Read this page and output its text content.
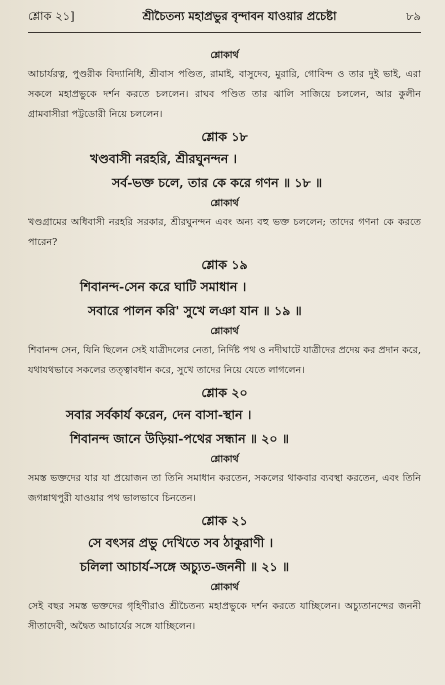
শ্লোক ২১]	শ্রীচৈতন্য মহাপ্রভুর বৃন্দাবন যাওয়ার প্রচেষ্টা	৮৯
শ্লোকার্থ

আচার্যরত্ন, পুণ্ডরীক বিদ্যানিধি, শ্রীবাস পণ্ডিত, রামাই, বাসুদেব, মুরারি, গোবিন্দ ও তার দুই ভাই, এরা সকলে মহাপ্রভুকে দর্শন করতে চললেন। রাঘব পণ্ডিত তার ঝালি সাজিয়ে চললেন, আর কুলীন গ্রামবাসীরা পট্টডোরী নিয়ে চললেন।

শ্লোক ১৮
খণ্ডবাসী নরহরি, শ্রীরঘুনন্দন ।
সর্ব-ভক্ত চলে, তার কে করে গণন ॥ ১৮ ॥
শ্লোকার্থ

খণ্ডগ্রামের অধিবাসী নরহরি সরকার, শ্রীরঘুনন্দন এবং অন্য বহু ভক্ত চললেন; তাদের গণনা কে করতে পারেন?

শ্লোক ১৯
শিবানন্দ-সেন করে ঘাটি সমাধান ।
সবারে পালন করি' সুখে লঞা যান ॥ ১৯ ॥
শ্লোকার্থ

শিবানন্দ সেন, যিনি ছিলেন সেই যাত্রীদলের নেতা, নির্দিষ্ট পথ ও নদীঘাটে যাত্রীদের প্রদেয় কর প্রদান করে, যথাযথভাবে সকলের তত্ত্বাবধান করে, সুখে তাদের নিয়ে যেতে লাগলেন।

শ্লোক ২০
সবার সর্বকার্য করেন, দেন বাসা-স্থান ।
শিবানন্দ জানে উড়িয়া-পথের সন্ধান ॥ ২০ ॥
শ্লোকার্থ

সমস্ত ভক্তদের যার যা প্রয়োজন তা তিনি সমাধান করতেন, সকলের থাকবার ব্যবস্থা করতেন, এবং তিনি জগন্নাথপুরী যাওয়ার পথ ভালভাবে চিনতেন।

শ্লোক ২১
সে বৎসর প্রভু দেখিতে সব ঠাকুরাণী ।
চলিলা আচার্য-সঙ্গে অচ্যুত-জননী ॥ ২১ ॥
শ্লোকার্থ

সেই বছর সমস্ত ভক্তদের গৃহিণীরাও শ্রীচৈতন্য মহাপ্রভুকে দর্শন করতে যাচ্ছিলেন। অচ্যুতানন্দের জননী সীতাদেবী, অদ্বৈত আচার্যের সঙ্গে যাচ্ছিলেন।
